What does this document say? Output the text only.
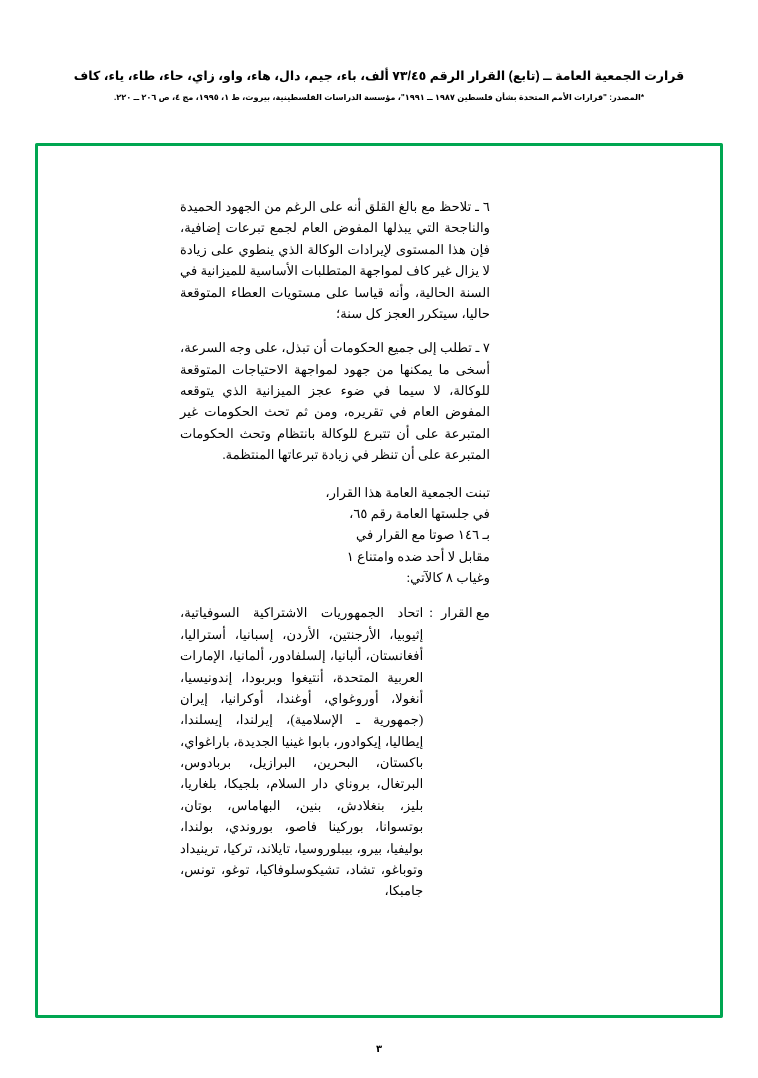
قرارت الجمعية العامة ــ (تابع) القرار الرقم ٧٣/٤٥ ألف، باء، جيم، دال، هاء، واو، زاي، حاء، طاء، ياء، كاف
*المصدر: "قرارات الأمم المتحدة بشأن فلسطين ١٩٨٧ ــ ١٩٩١"، مؤسسة الدراسات الفلسطينية، بيروت، ط ١، ١٩٩٥، مج ٤، ص ٢٠٦ ــ ٢٢٠.

٦ ـ تلاحظ مع بالغ القلق أنه على الرغم من الجهود الحميدة والناجحة التي يبذلها المفوض العام لجمع تبرعات إضافية، فإن هذا المستوى لإيرادات الوكالة الذي ينطوي على زيادة لا يزال غير كاف لمواجهة المتطلبات الأساسية للميزانية في السنة الحالية، وأنه قياسا على مستويات العطاء المتوقعة حاليا، سيتكرر العجز كل سنة؛

٧ ـ تطلب إلى جميع الحكومات أن تبذل، على وجه السرعة، أسخى ما يمكنها من جهود لمواجهة الاحتياجات المتوقعة للوكالة، لا سيما في ضوء عجز الميزانية الذي يتوقعه المفوض العام في تقريره، ومن ثم تحث الحكومات غير المتبرعة على أن تتبرع للوكالة بانتظام وتحث الحكومات المتبرعة على أن تنظر في زيادة تبرعاتها المنتظمة.

تبنت الجمعية العامة هذا القرار،

في جلستها العامة رقم ٦٥،

بـ ١٤٦ صوتا مع القرار في

مقابل لا أحد ضده وامتناع ١

وغياب ٨ كالآتي:

مع القرار
:
اتحاد الجمهوريات الاشتراكية السوفياتية، إثيوبيا، الأرجنتين، الأردن، إسبانيا، أستراليا، أفغانستان، ألبانيا، إلسلفادور، ألمانيا، الإمارات العربية المتحدة، أنتيغوا وبربودا، إندونيسيا، أنغولا، أوروغواي، أوغندا، أوكرانيا، إيران (جمهورية ـ الإسلامية)، إيرلندا، إيسلندا، إيطاليا، إيكوادور، بابوا غينيا الجديدة، باراغواي، باكستان، البحرين، البرازيل، بربادوس، البرتغال، بروناي دار السلام، بلجيكا، بلغاريا، بليز، بنغلادش، بنين، البهاماس، بوتان، بوتسوانا، بوركينا فاصو، بوروندي، بولندا، بوليفيا، بيرو، بيبلوروسيا، تايلاند، تركيا، ترينيداد وتوباغو، تشاد، تشيكوسلوفاكيا، توغو، تونس، جامبكا،
٣
